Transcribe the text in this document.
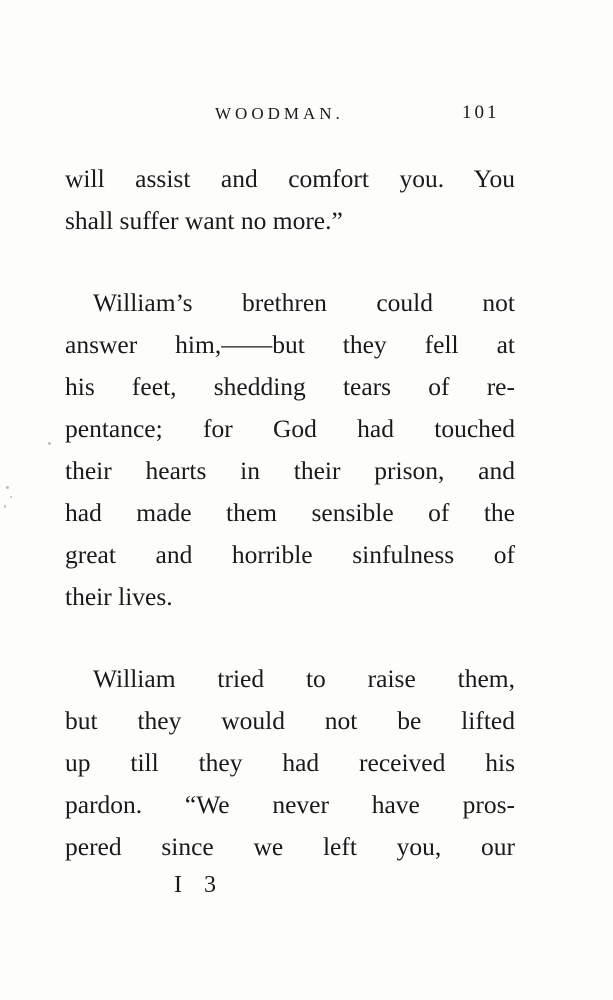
WOODMAN.	101
will assist and comfort you. You
shall suffer want no more.”
William’s brethren could not
answer him,——but they fell at
his feet, shedding tears of re-
pentance; for God had touched
their hearts in their prison, and
had made them sensible of the
great and horrible sinfulness of
their lives.
William tried to raise them,
but they would not be lifted
up till they had received his
pardon. “We never have pros-
pered since we left you, our
I 3
